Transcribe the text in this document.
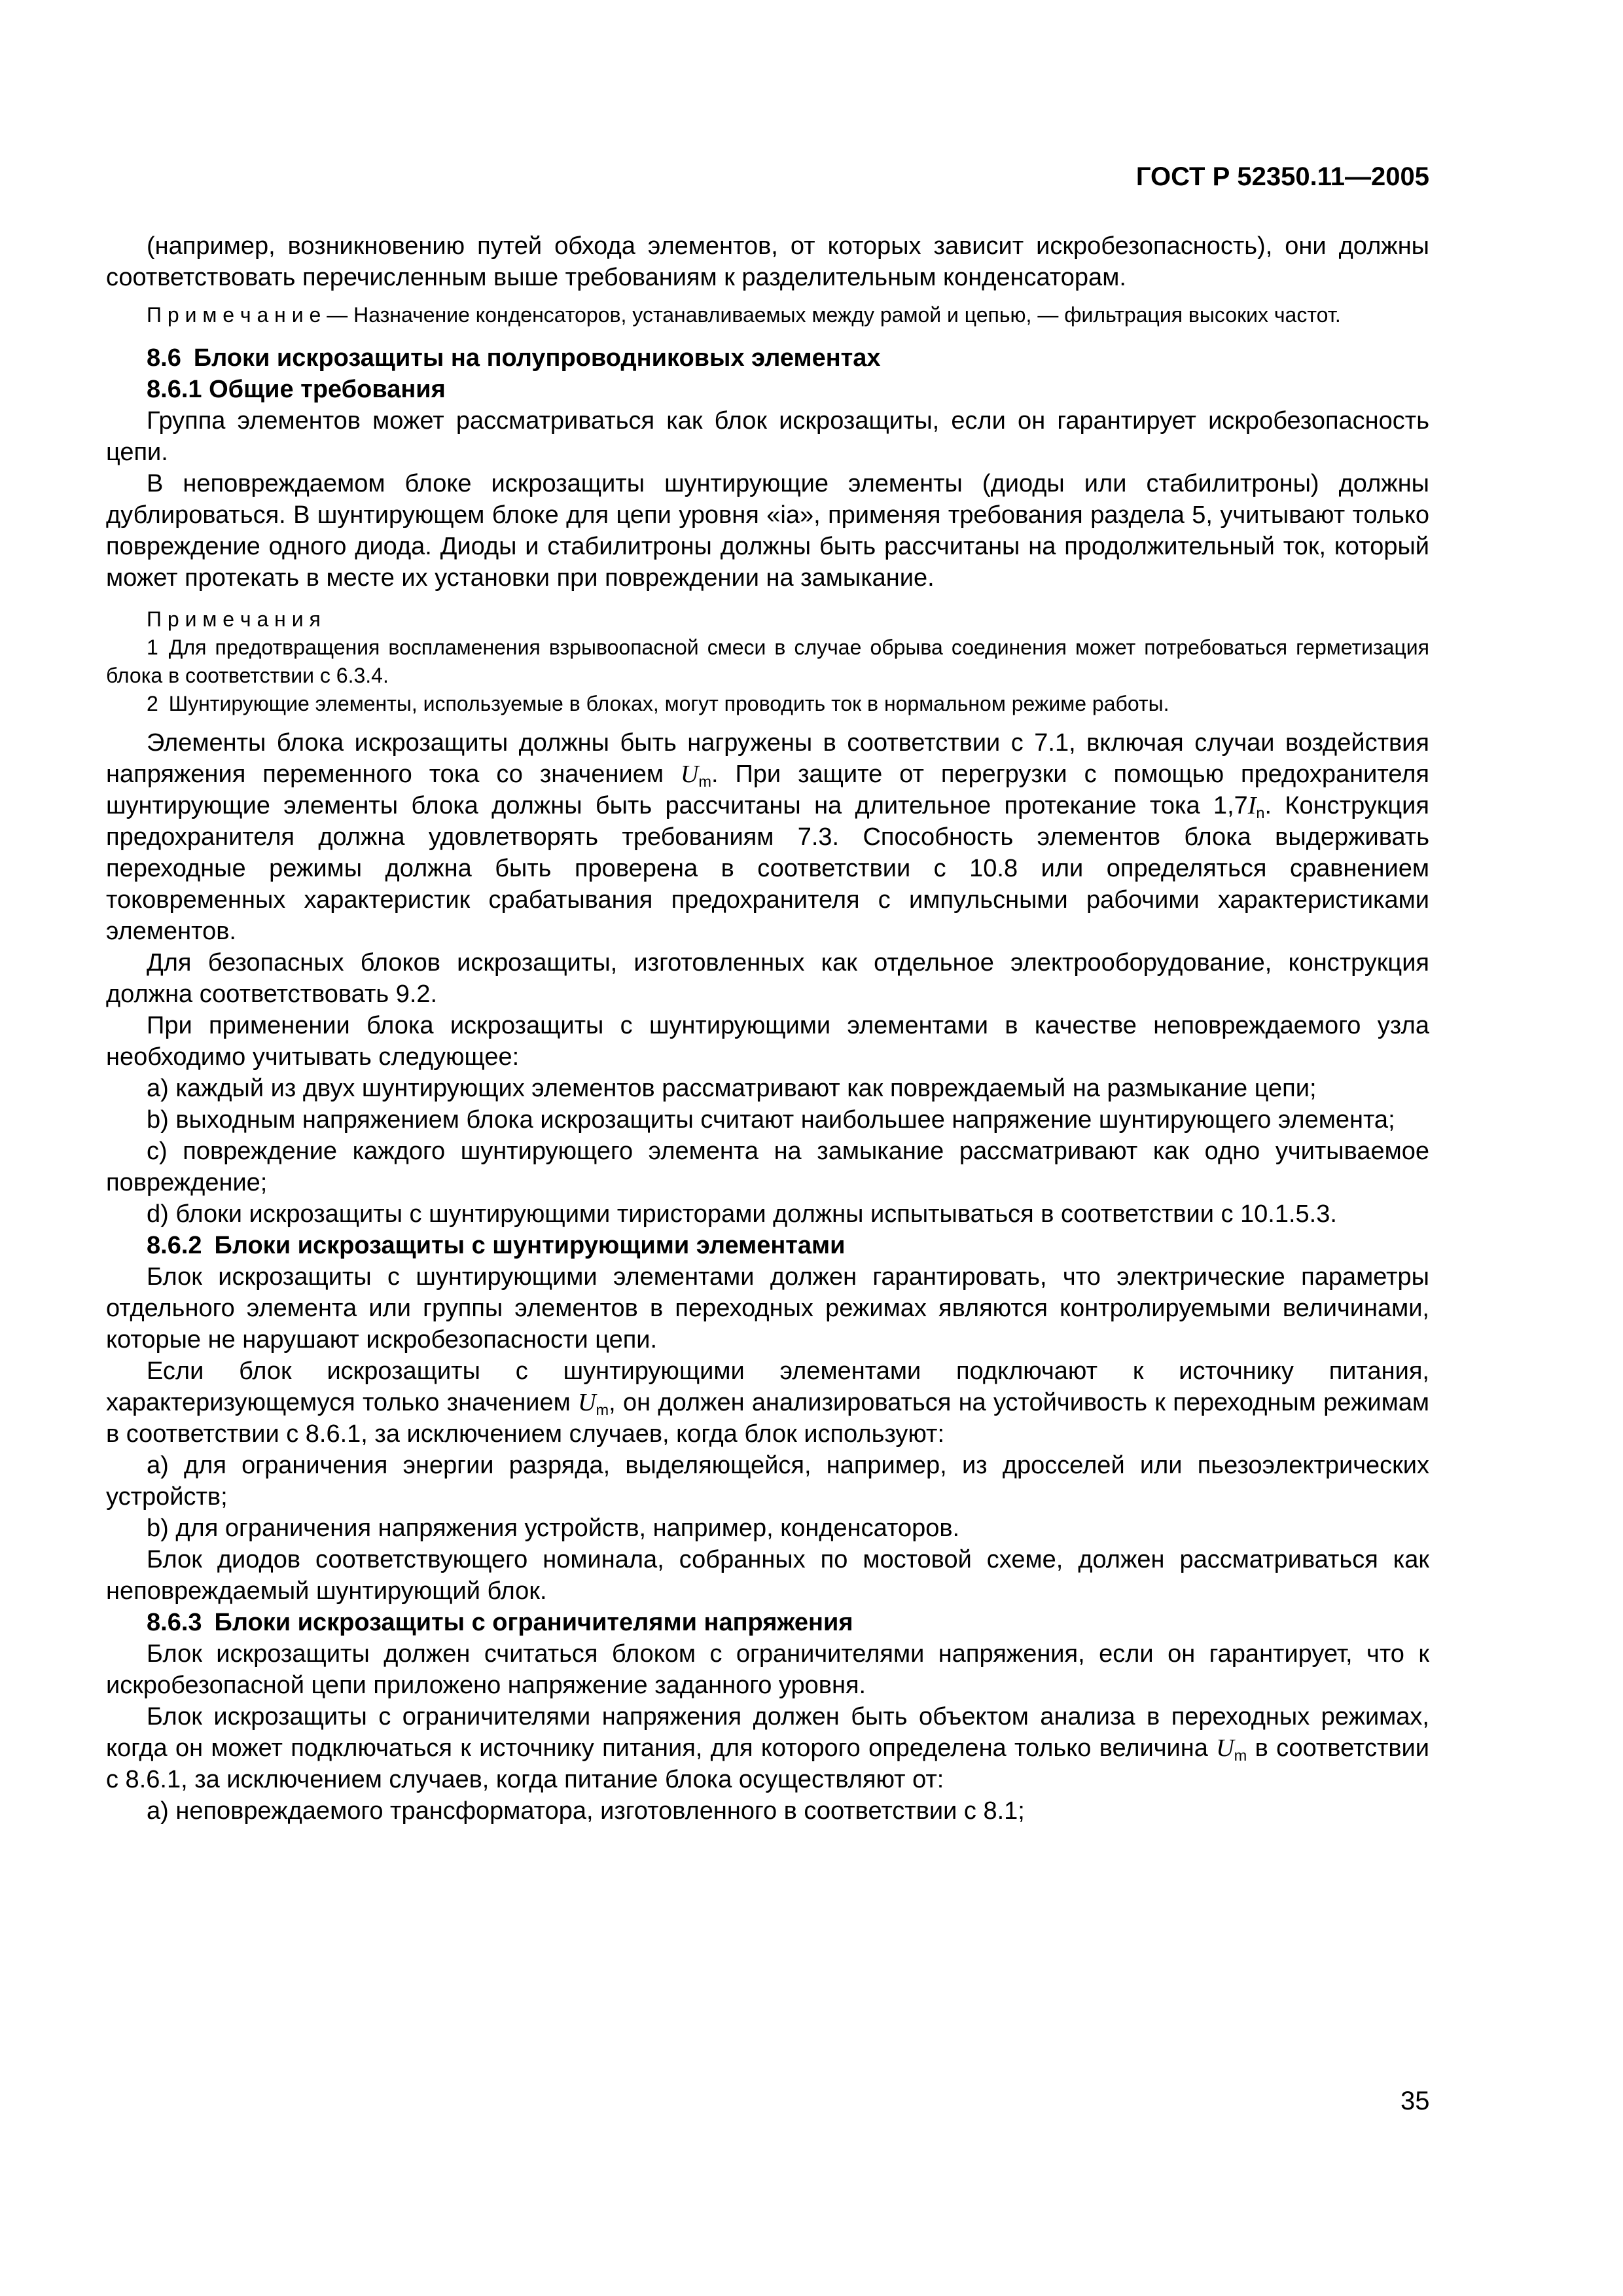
ГОСТ Р 52350.11—2005

(например, возникновению путей обхода элементов, от которых зависит искробезопасность), они должны соответствовать перечисленным выше требованиям к разделительным конденсаторам.

П р и м е ч а н и е — Назначение конденсаторов, устанавливаемых между рамой и цепью, — фильтрация высоких частот.

8.6 Блоки искрозащиты на полупроводниковых элементах

8.6.1 Общие требования

Группа элементов может рассматриваться как блок искрозащиты, если он гарантирует искробезопасность цепи.

В неповреждаемом блоке искрозащиты шунтирующие элементы (диоды или стабилитроны) должны дублироваться. В шунтирующем блоке для цепи уровня «ia», применяя требования раздела 5, учитывают только повреждение одного диода. Диоды и стабилитроны должны быть рассчитаны на продолжительный ток, который может протекать в месте их установки при повреждении на замыкание.

П р и м е ч а н и я

1 Для предотвращения воспламенения взрывоопасной смеси в случае обрыва соединения может потребоваться герметизация блока в соответствии с 6.3.4.

2 Шунтирующие элементы, используемые в блоках, могут проводить ток в нормальном режиме работы.

Элементы блока искрозащиты должны быть нагружены в соответствии с 7.1, включая случаи воздействия напряжения переменного тока со значением $U_m$. При защите от перегрузки с помощью предохранителя шунтирующие элементы блока должны быть рассчитаны на длительное протекание тока $1,7I_n$. Конструкция предохранителя должна удовлетворять требованиям 7.3. Способность элементов блока выдерживать переходные режимы должна быть проверена в соответствии с 10.8 или определяться сравнением токовременных характеристик срабатывания предохранителя с импульсными рабочими характеристиками элементов.

Для безопасных блоков искрозащиты, изготовленных как отдельное электрооборудование, конструкция должна соответствовать 9.2.

При применении блока искрозащиты с шунтирующими элементами в качестве неповреждаемого узла необходимо учитывать следующее:

a) каждый из двух шунтирующих элементов рассматривают как повреждаемый на размыкание цепи;

b) выходным напряжением блока искрозащиты считают наибольшее напряжение шунтирующего элемента;

c) повреждение каждого шунтирующего элемента на замыкание рассматривают как одно учитываемое повреждение;

d) блоки искрозащиты с шунтирующими тиристорами должны испытываться в соответствии с 10.1.5.3.

8.6.2 Блоки искрозащиты с шунтирующими элементами

Блок искрозащиты с шунтирующими элементами должен гарантировать, что электрические параметры отдельного элемента или группы элементов в переходных режимах являются контролируемыми величинами, которые не нарушают искробезопасности цепи.

Если блок искрозащиты с шунтирующими элементами подключают к источнику питания, характеризующемуся только значением $U_m$, он должен анализироваться на устойчивость к переходным режимам в соответствии с 8.6.1, за исключением случаев, когда блок используют:

a) для ограничения энергии разряда, выделяющейся, например, из дросселей или пьезоэлектрических устройств;

b) для ограничения напряжения устройств, например, конденсаторов.

Блок диодов соответствующего номинала, собранных по мостовой схеме, должен рассматриваться как неповреждаемый шунтирующий блок.

8.6.3 Блоки искрозащиты с ограничителями напряжения

Блок искрозащиты должен считаться блоком с ограничителями напряжения, если он гарантирует, что к искробезопасной цепи приложено напряжение заданного уровня.

Блок искрозащиты с ограничителями напряжения должен быть объектом анализа в переходных режимах, когда он может подключаться к источнику питания, для которого определена только величина $U_m$ в соответствии с 8.6.1, за исключением случаев, когда питание блока осуществляют от:

a) неповреждаемого трансформатора, изготовленного в соответствии с 8.1;

35
